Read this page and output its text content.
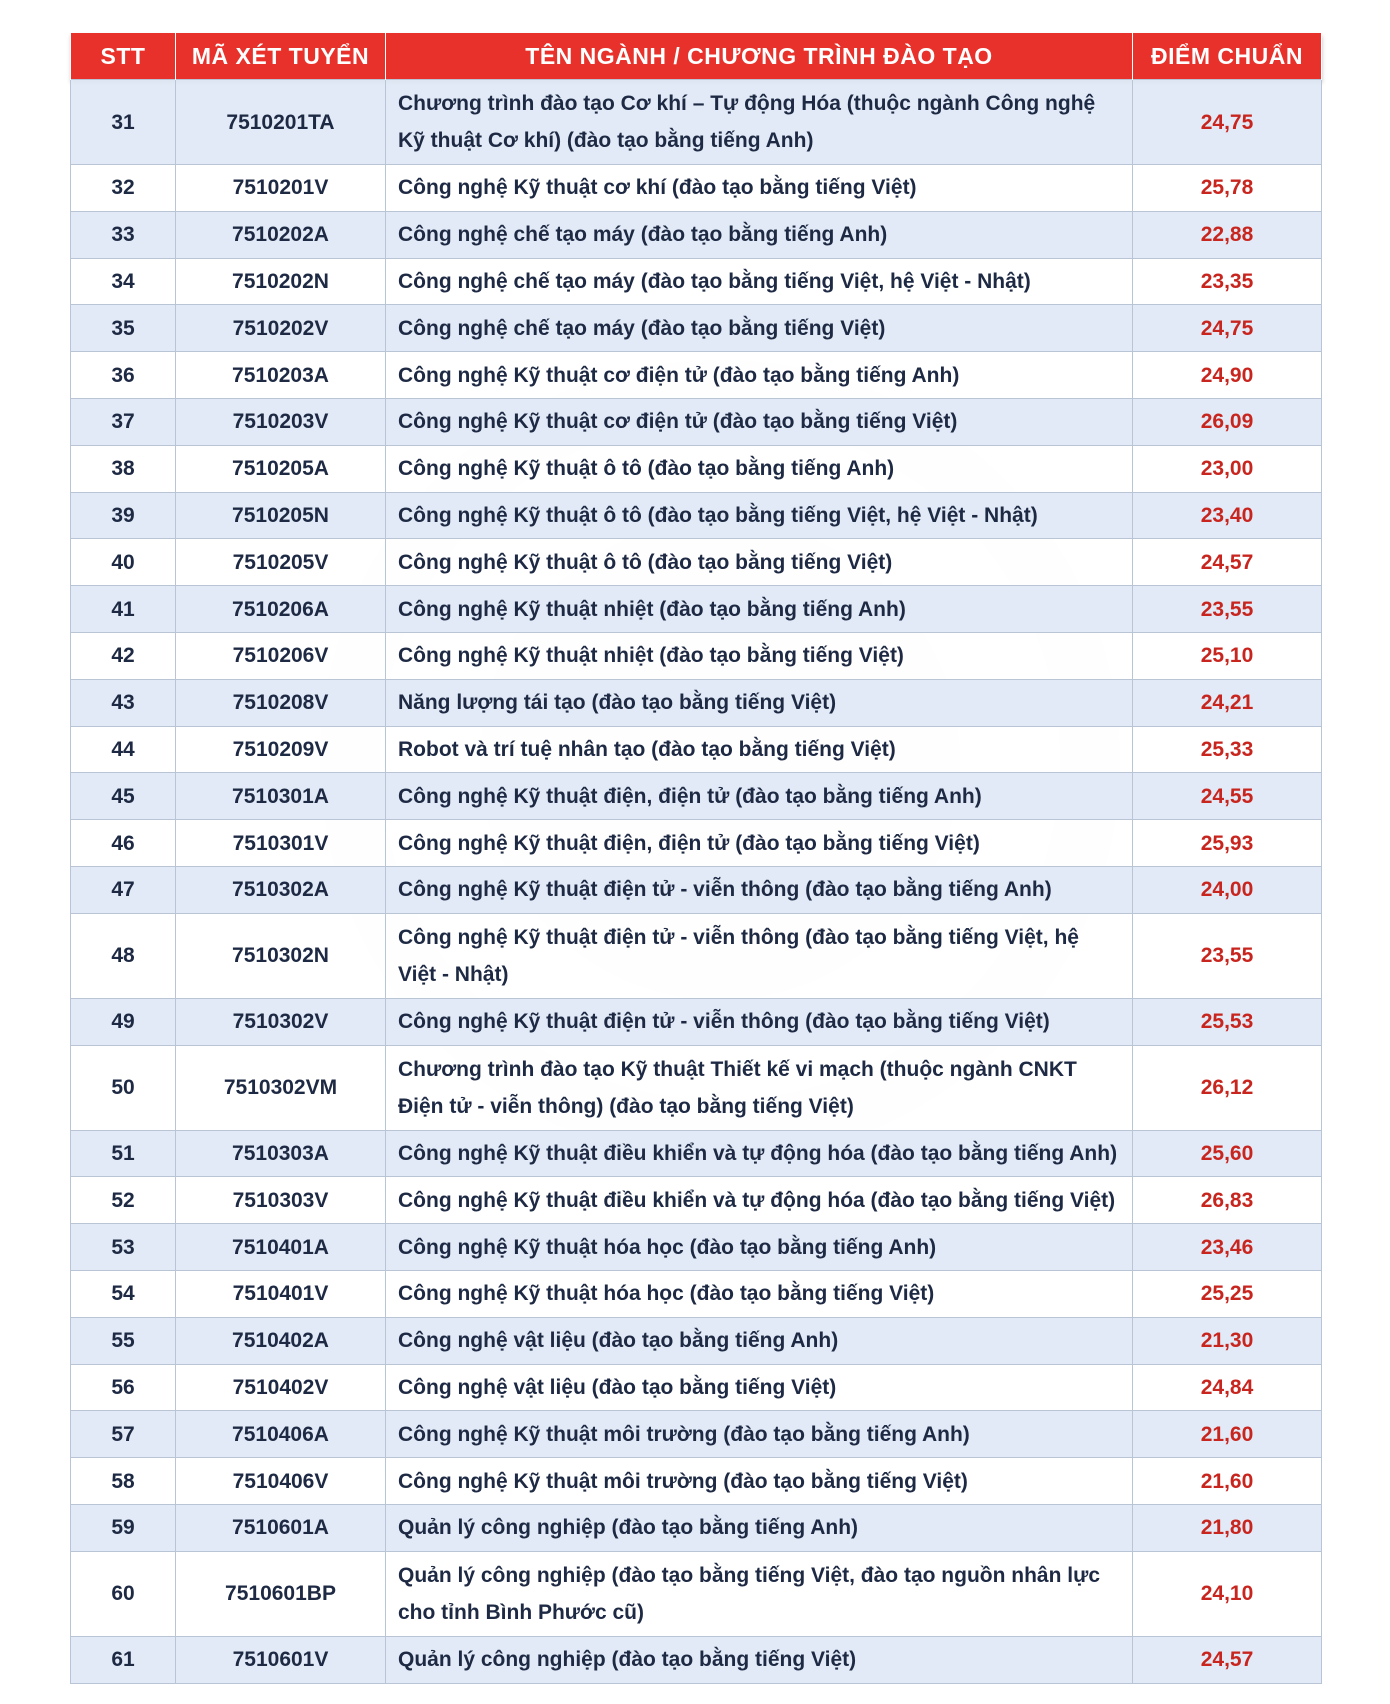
STT	MÃ XÉT TUYỂN	TÊN NGÀNH / CHƯƠNG TRÌNH ĐÀO TẠO	ĐIỂM CHUẨN
31	7510201TA	Chương trình đào tạo Cơ khí – Tự động Hóa (thuộc ngành Công nghệ Kỹ thuật Cơ khí) (đào tạo bằng tiếng Anh)	24,75
32	7510201V	Công nghệ Kỹ thuật cơ khí (đào tạo bằng tiếng Việt)	25,78
33	7510202A	Công nghệ chế tạo máy (đào tạo bằng tiếng Anh)	22,88
34	7510202N	Công nghệ chế tạo máy (đào tạo bằng tiếng Việt, hệ Việt - Nhật)	23,35
35	7510202V	Công nghệ chế tạo máy (đào tạo bằng tiếng Việt)	24,75
36	7510203A	Công nghệ Kỹ thuật cơ điện tử (đào tạo bằng tiếng Anh)	24,90
37	7510203V	Công nghệ Kỹ thuật cơ điện tử (đào tạo bằng tiếng Việt)	26,09
38	7510205A	Công nghệ Kỹ thuật ô tô (đào tạo bằng tiếng Anh)	23,00
39	7510205N	Công nghệ Kỹ thuật ô tô (đào tạo bằng tiếng Việt, hệ Việt - Nhật)	23,40
40	7510205V	Công nghệ Kỹ thuật ô tô (đào tạo bằng tiếng Việt)	24,57
41	7510206A	Công nghệ Kỹ thuật nhiệt (đào tạo bằng tiếng Anh)	23,55
42	7510206V	Công nghệ Kỹ thuật nhiệt (đào tạo bằng tiếng Việt)	25,10
43	7510208V	Năng lượng tái tạo (đào tạo bằng tiếng Việt)	24,21
44	7510209V	Robot và trí tuệ nhân tạo (đào tạo bằng tiếng Việt)	25,33
45	7510301A	Công nghệ Kỹ thuật điện, điện tử (đào tạo bằng tiếng Anh)	24,55
46	7510301V	Công nghệ Kỹ thuật điện, điện tử (đào tạo bằng tiếng Việt)	25,93
47	7510302A	Công nghệ Kỹ thuật điện tử - viễn thông (đào tạo bằng tiếng Anh)	24,00
48	7510302N	Công nghệ Kỹ thuật điện tử - viễn thông (đào tạo bằng tiếng Việt, hệ Việt - Nhật)	23,55
49	7510302V	Công nghệ Kỹ thuật điện tử - viễn thông (đào tạo bằng tiếng Việt)	25,53
50	7510302VM	Chương trình đào tạo Kỹ thuật Thiết kế vi mạch (thuộc ngành CNKT Điện tử - viễn thông) (đào tạo bằng tiếng Việt)	26,12
51	7510303A	Công nghệ Kỹ thuật điều khiển và tự động hóa (đào tạo bằng tiếng Anh)	25,60
52	7510303V	Công nghệ Kỹ thuật điều khiển và tự động hóa (đào tạo bằng tiếng Việt)	26,83
53	7510401A	Công nghệ Kỹ thuật hóa học (đào tạo bằng tiếng Anh)	23,46
54	7510401V	Công nghệ Kỹ thuật hóa học (đào tạo bằng tiếng Việt)	25,25
55	7510402A	Công nghệ vật liệu (đào tạo bằng tiếng Anh)	21,30
56	7510402V	Công nghệ vật liệu (đào tạo bằng tiếng Việt)	24,84
57	7510406A	Công nghệ Kỹ thuật môi trường (đào tạo bằng tiếng Anh)	21,60
58	7510406V	Công nghệ Kỹ thuật môi trường (đào tạo bằng tiếng Việt)	21,60
59	7510601A	Quản lý công nghiệp (đào tạo bằng tiếng Anh)	21,80
60	7510601BP	Quản lý công nghiệp (đào tạo bằng tiếng Việt, đào tạo nguồn nhân lực cho tỉnh Bình Phước cũ)	24,10
61	7510601V	Quản lý công nghiệp (đào tạo bằng tiếng Việt)	24,57
